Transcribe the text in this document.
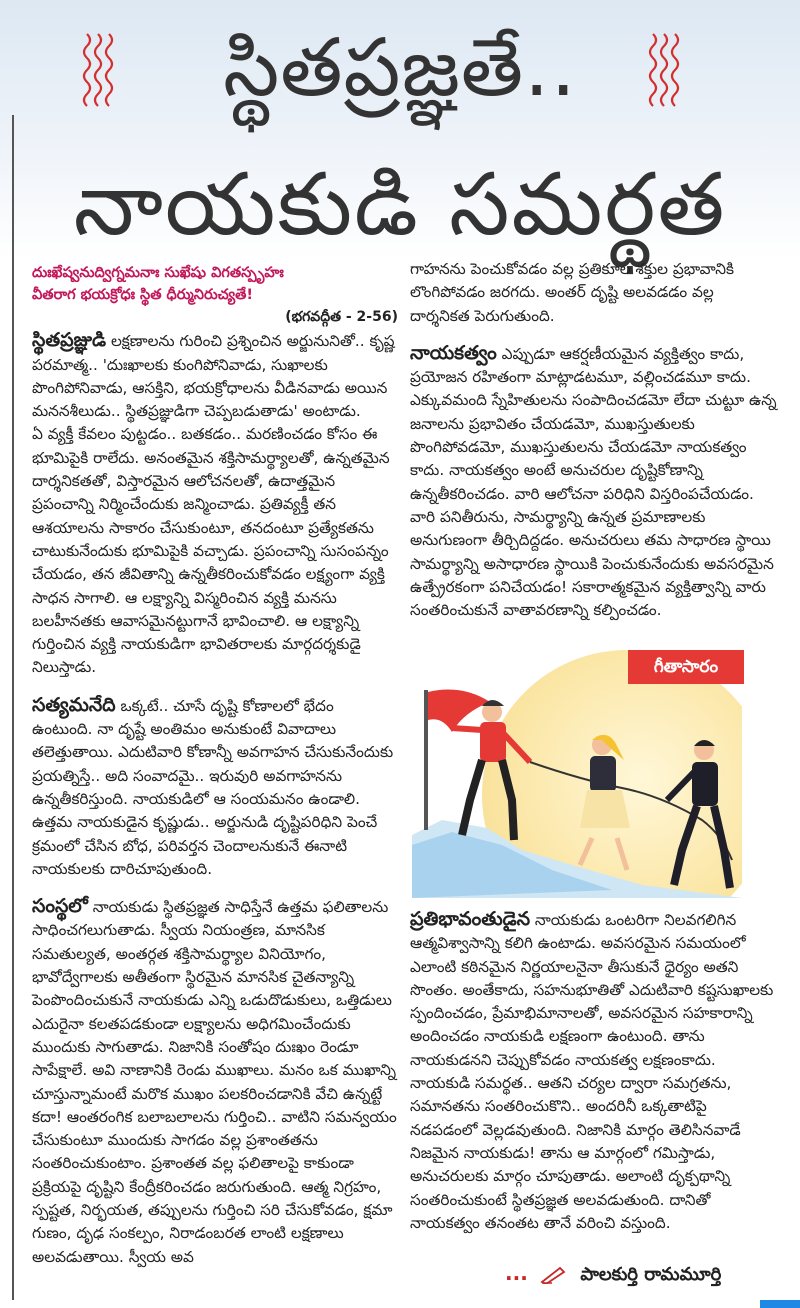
స్థితప్రజ్ఞతే..
నాయకుడి సమర్థత

దుఃఖేష్వనుద్విగ్నమనాః సుఖేషు విగతస్పృహః

వీతరాగ భయక్రోధః స్థిత ధీర్మునిరుచ్యతే!

(భగవద్గీత - 2-56)

స్థితప్రజ్ఞుడి లక్షణాలను గురించి ప్రశ్నించిన అర్జునునితో.. కృష్ణ పరమాత్మ.. 'దుఃఖాలకు కుంగిపోనివాడు, సుఖాలకు పొంగిపోనివాడు, ఆసక్తిని, భయక్రోధాలను వీడినవాడు అయిన మననశీలుడు.. స్థితప్రజ్ఞుడిగా చెప్పబడుతాడు' అంటాడు.

ఏ వ్యక్తీ కేవలం పుట్టడం.. బతకడం.. మరణించడం కోసం ఈ భూమిపైకి రాలేదు. అనంతమైన శక్తిసామర్థ్యాలతో, ఉన్నతమైన దార్శనికతతో, విస్తారమైన ఆలోచనలతో, ఉదాత్తమైన ప్రపంచాన్ని నిర్మించేందుకు జన్మించాడు. ప్రతివ్యక్తీ తన ఆశయాలను సాకారం చేసుకుంటూ, తనదంటూ ప్రత్యేకతను చాటుకునేందుకు భూమిపైకి వచ్చాడు. ప్రపంచాన్ని సుసంపన్నం చేయడం, తన జీవితాన్ని ఉన్నతీకరించుకోవడం లక్ష్యంగా వ్యక్తి సాధన సాగాలి. ఆ లక్ష్యాన్ని విస్మరించిన వ్యక్తి మనసు బలహీనతకు ఆవాసమైనట్టుగానే భావించాలి. ఆ లక్ష్యాన్ని గుర్తించిన వ్యక్తి నాయకుడిగా భావితరాలకు మార్గదర్శకుడై నిలుస్తాడు.

సత్యమనేది ఒక్కటే.. చూసే దృష్టి కోణాలలో భేదం ఉంటుంది. నా దృష్టే అంతిమం అనుకుంటే వివాదాలు తలెత్తుతాయి. ఎదుటివారి కోణాన్నీ అవగాహన చేసుకునేందుకు ప్రయత్నిస్తే.. అది సంవాదమై.. ఇరువురి అవగాహనను ఉన్నతీకరిస్తుంది. నాయకుడిలో ఆ సంయమనం ఉండాలి. ఉత్తమ నాయకుడైన కృష్ణుడు.. అర్జునుడి దృష్టిపరిధిని పెంచే క్రమంలో చేసిన బోధ, పరివర్తన చెందాలనుకునే ఈనాటి నాయకులకు దారిచూపుతుంది.

సంస్థలో నాయకుడు స్థితప్రజ్ఞత సాధిస్తేనే ఉత్తమ ఫలితాలను సాధించగలుగుతాడు. స్వీయ నియంత్రణ, మానసిక సమతుల్యత, అంతర్గత శక్తిసామర్థ్యాల వినియోగం, భావోద్వేగాలకు అతీతంగా స్థిరమైన మానసిక చైతన్యాన్ని పెంపొందించుకునే నాయకుడు ఎన్ని ఒడుదొడుకులు, ఒత్తిడులు ఎదురైనా కలతపడకుండా లక్ష్యాలను అధిగమించేందుకు ముందుకు సాగుతాడు. నిజానికి సంతోషం దుఃఖం రెండూ సాపేక్షాలే. అవి నాణానికి రెండు ముఖాలు. మనం ఒక ముఖాన్ని చూస్తున్నామంటే మరొక ముఖం పలకరించడానికి వేచి ఉన్నట్టే కదా! ఆంతరంగిక బలాబలాలను గుర్తించి.. వాటిని సమన్వయం చేసుకుంటూ ముందుకు సాగడం వల్ల ప్రశాంతతను సంతరించుకుంటాం. ప్రశాంతత వల్ల ఫలితాలపై కాకుండా ప్రక్రియపై దృష్టిని కేంద్రీకరించడం జరుగుతుంది. ఆత్మ నిగ్రహం, స్పష్టత, నిర్భయత, తప్పులను గుర్తించి సరి చేసుకోవడం, క్షమా గుణం, దృఢ సంకల్పం, నిరాడంబరత లాంటి లక్షణాలు అలవడుతాయి. స్వీయ అవ

గాహనను పెంచుకోవడం వల్ల ప్రతికూల శక్తుల ప్రభావానికి లొంగిపోవడం జరగదు. అంతర్ దృష్టి అలవడడం వల్ల దార్శనికత పెరుగుతుంది.

నాయకత్వం ఎప్పుడూ ఆకర్షణీయమైన వ్యక్తిత్వం కాదు, ప్రయోజన రహితంగా మాట్లాడటమూ, వల్లించడమూ కాదు. ఎక్కువమంది స్నేహితులను సంపాదించడమో లేదా చుట్టూ ఉన్న జనాలను ప్రభావితం చేయడమో, ముఖస్తుతులకు పొంగిపోవడమో, ముఖస్తుతులను చేయడమో నాయకత్వం కాదు. నాయకత్వం అంటే అనుచరుల దృష్టికోణాన్ని ఉన్నతీకరించడం. వారి ఆలోచనా పరిధిని విస్తరింపచేయడం. వారి పనితీరును, సామర్థ్యాన్ని ఉన్నత ప్రమాణాలకు అనుగుణంగా తీర్చిదిద్దడం. అనుచరులు తమ సాధారణ స్థాయి సామర్థ్యాన్ని అసాధారణ స్థాయికి పెంచుకునేందుకు అవసరమైన ఉత్ప్రేరకంగా పనిచేయడం! సకారాత్మకమైన వ్యక్తిత్వాన్ని వారు సంతరించుకునే వాతావరణాన్ని కల్పించడం.

గీతాసారం

ప్రతిభావంతుడైన నాయకుడు ఒంటరిగా నిలవగలిగిన ఆత్మవిశ్వాసాన్ని కలిగి ఉంటాడు. అవసరమైన సమయంలో ఎలాంటి కఠినమైన నిర్ణయాలనైనా తీసుకునే ధైర్యం అతని సొంతం. అంతేకాదు, సహనుభూతితో ఎదుటివారి కష్టసుఖాలకు స్పందించడం, ప్రేమాభిమానాలతో, అవసరమైన సహకారాన్ని అందించడం నాయకుడి లక్షణంగా ఉంటుంది. తాను నాయకుడనని చెప్పుకోవడం నాయకత్వ లక్షణంకాదు. నాయకుడి సమర్థత.. ఆతని చర్యల ద్వారా సమగ్రతను, సమానతను సంతరించుకొని.. అందరినీ ఒక్కతాటిపై నడపడంలో వెల్లడవుతుంది. నిజానికి మార్గం తెలిసినవాడే నిజమైన నాయకుడు! తాను ఆ మార్గంలో గమిస్తాడు, అనుచరులకు మార్గం చూపుతాడు. అలాంటి దృక్పథాన్ని సంతరించుకుంటే స్థితప్రజ్ఞత అలవడుతుంది. దానితో నాయకత్వం తనంతట తానే వరించి వస్తుంది.

...	పాలకుర్తి రామమూర్తి
